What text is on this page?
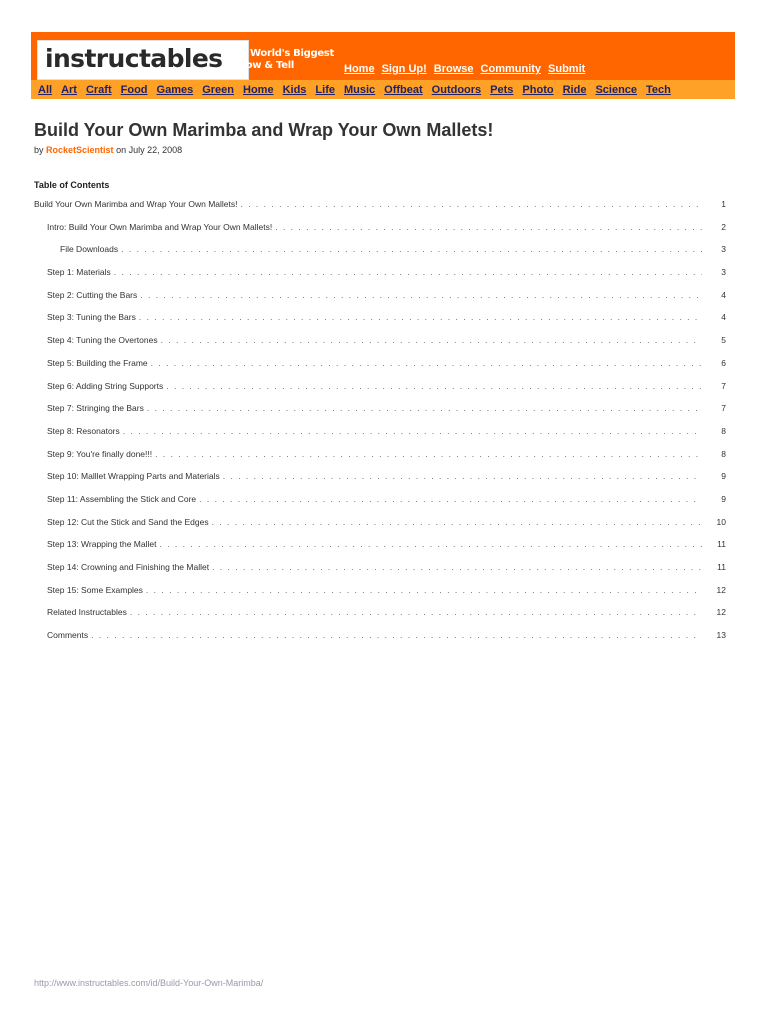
instructables The World's Biggest
Show & Tell	Home Sign Up! Browse Community Submit
All Art Craft Food Games Green Home Kids Life Music Offbeat Outdoors Pets Photo Ride Science Tech
Build Your Own Marimba and Wrap Your Own Mallets!
by RocketScientist on July 22, 2008
Table of Contents
Build Your Own Marimba and Wrap Your Own Mallets! . . .	1
Intro: Build Your Own Marimba and Wrap Your Own Mallets! . . .	2
File Downloads . . .	3
Step 1: Materials . . .	3
Step 2: Cutting the Bars . . .	4
Step 3: Tuning the Bars . . .	4
Step 4: Tuning the Overtones . . .	5
Step 5: Building the Frame . . .	6
Step 6: Adding String Supports . . .	7
Step 7: Stringing the Bars . . .	7
Step 8: Resonators . . .	8
Step 9: You're finally done!!! . . .	8
Step 10: Malllet Wrapping Parts and Materials . . .	9
Step 11: Assembling the Stick and Core . . .	9
Step 12: Cut the Stick and Sand the Edges . . .	10
Step 13: Wrapping the Mallet . . .	11
Step 14: Crowning and Finishing the Mallet . . .	11
Step 15: Some Examples . . .	12
Related Instructables . . .	12
Comments . . .	13
http://www.instructables.com/id/Build-Your-Own-Marimba/
